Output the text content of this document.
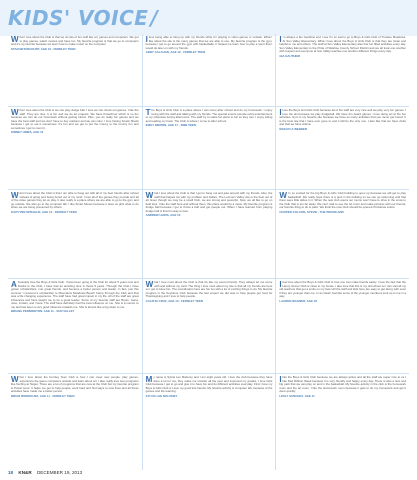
KIDS' VOICE /
What I love about the Club is that we do lots of fun stuff like art, games and computers. We get to play games, watch movies and have fun. My favorite program is that we go to computers and it's my favorite because we learn how to make music on the computer.
STAN BETANCOURT, AGE 12 · FERNLEY TEEN
Ilove being able to hang up with my friends while I'm playing in video games or outside. What I like about the site is the many games that we are able to use. My favorite program is the gym, because I get to go around the gym with basketballs. It helped me learn how to play a sport that I would do later on with my friends.
ABBY CALAHAN, AGE 12 · FERNLEY TEEN
I 'm always a fan Gecidine and I see I'm so sad to go to Boys & Girls Club of Truckee Meadows. At Sun Valley Elementary. What I love about the Boys & Girls Club is that they are clean and helpful to me and others. The staff at Sun Valley Elementary also has fun filled activities every day. Sun Valley Elementary is the Pride of Washoe County School District and we all treat one another with respect and everyone at Sun Valley teaches one another different things every day.
GIA GAUTHIER
What I love about the Club is we can play dodge ball. I love we can check out games. I like the staff. They are nice. It is fun and we do art projects. We have Powerhour which is so fun because we can do our homework without getting stress. Plus, you do really fun games and we have the best staff and we don't have to buy markers and we can color. I love having Snack Shack because I get to eat it sometimes. It's fun and we get to put the money to the tummy fun and sometimes I get to count it.
KINNEY HINES, AGE 13
The Boys & Girls Club is a place where I can come after school and do my homework. I enjoy being with the staff and talking with my friends. The special events provide extra entertainment to my otherwise boring afternoons. The staff try to make fun plans to fun so they can. I enjoy sitting and reading my book. The Club is where I come to after school.
EMILY BROWN, AGE 17 · SWB TEEN
Ilove the Boys and Girls Club because all of the staff are very nice and we play very fun games. I love the ski because we play dodgeball. We have fun board games. I love doing art at the fun activities. Gym is my favorite site because we have so many activities that you never get bored. It is the best site that I have ever gone to and it will be the only one. I also like that we have clubs and that we have drama.
MAKAYLA WEBBER
Wdon't love about the Club is that I am able to hang out with all of my best friends after school instead of going and being bored out of my mind. I love all of the games they provide and all of the video games they let us play. It also really is a place where we are able to go to the gym and go outside. We also go to the computer lab. I like Smart Moves because it does us girls what to do when we are being pressured by others.
KAITLYNN SPRAGUE, AGE 12 · FERNLEY TEEN
What I love about the Club is that I get to hang out and joke around with my friends. Also, the staff that helped me with my problem and bullies. The Lemmon Valley site is the best out of all. Even though we may be a small Club, we are strong and powerful. Now, we all like to go on field trips. I like the staff here and without them, this place would be a mess. My favorite program is dodge ball because I get to throw a ball and get people out. When I have learned from playing dodge ball is that it's okay to lose.
ANDREW LEWIS, AGE 10
W 'm so excited for the big Boys & Girls Club building to open up because we will get to play basketball. We really hope there is a pool in the building so we can go swimming and that there were little slides in it. When the new club opens our moms won't have to drive in the snow to the Club that is too far away. We can't wait to see the art room and make pictures with our friends, our favorite thing to do is paint. We think the new Club should be opened Christmas colors.
COOPER COLLINS, STEVIE · THE WOODLAND
Absolutely love the Boys & Girls Club. I have been going to the Club for about 5 years now and thanks to the Club, I have had an amazing time in those 5 years. Through the Club I have gotten scholarships, met great friends, and became a better person and leader. In fact, just this summer I received a scholarship to Mountains Meadows Beach Camp through the Club and that was a life changing experience. The staff have had great impact in my life. All of the staff are great influences and have taught me to be a great leader. Some of my favorite staff are Bryan, Ivana, Jose, Jordan, and Yusra. The staff have definitely had the best influence on me. She is a mentor to me and has been a very good influence towards me. She is almost like a big sister to me.
BRIANA PENNINGTON, AGE 11 · SUN VALLEY
What I love most about the Club is that it's like my second family. They always let me come with and without my card. The thing I love most about my site is that all my friends are here so I get to have fun. The coordinators here are fun too with a lot of exciting things to do. My favorite program is the Keystone Club because the last project we did was to help people get food for Thanksgiving and I love to help people.
CALISTA CRUZ, AGE 13 · FERNLEY TEEN
Ifeel love about the Boys & Girls Club is how you can make friends easily. I love the fact that the Henry Ginner Club is close to my house. I also love that this is my old school so I can visit all my old teachers that get a smile on my face! All the staff and kids here are easy to get along with even if they are younger than me. In an ideal I feel like some of the younger members look up to me in a way.
LAUREN WAGNER, AGE 18
What I love about the Fernley Teen Club is how I can meet new people, play games, experience the game computers outside and learn about art. I also really love teen programs like Nerfing at Target. There are a lot of programs that are new at the Club but my favorite program is Power Hour. It helps me get to help people, work hard and find ways to new lines and all these activities have made me a better person.
BRIAN RODRIGUEZ, AGE 11 · FERNLEY TEEN
My name is Sylvia Luo Maloney and I am eight years old. I love the club because they have done a lot for me, they make me smarter all the year and improved my grades. I love Girls Club because I get to go and give it to have fun and do different activities everyday. First I love my Boys & Girls Club is I love my good lots friends. My favorite activity is computer lab, because of the games and the learning.
SYLVIA LEE MALONEY
Ilike the Boys & Girls Club because we are always active and all the staff are super nice to us I like Red Ribbon Week because it is very friendly and happy every day. There is also a nice and big park that we can play on and in the basketball. My favorite activity in the club is the homework room and the art room. I like the Homework room because it gets to do my homework and get it done quickly.
LESLY SANCHEZ, AGE 11
18 KN&R DECEMBER 19, 2013
